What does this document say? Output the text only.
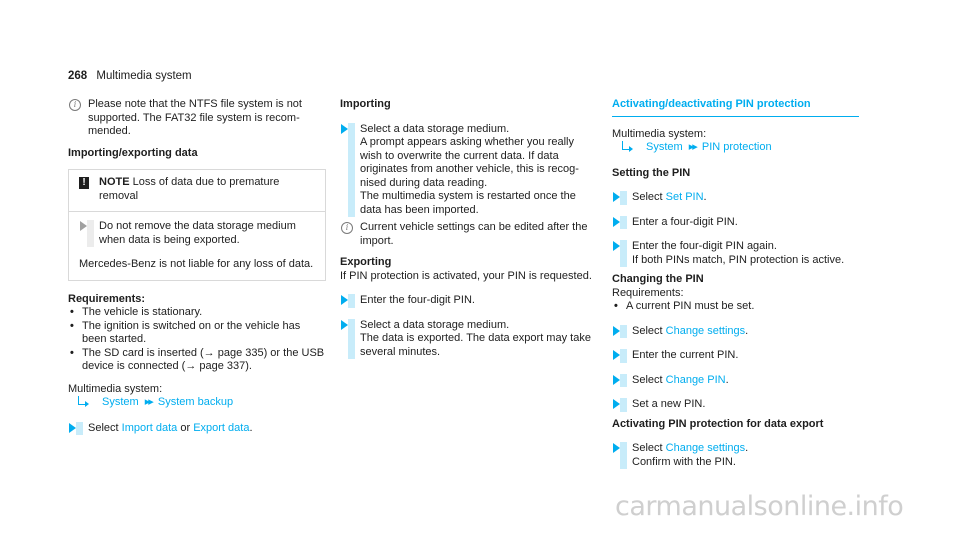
268 Multimedia system
i	Please note that the NTFS file system is not supported. The FAT32 file system is recommended.

Importing/exporting data

!	NOTE Loss of data due to premature removal

Do not remove the data storage medium when data is being exported.

Mercedes-Benz is not liable for any loss of data.

Requirements:

• The vehicle is stationary.
• The ignition is switched on or the vehicle has been started.
• The SD card is inserted (→ page 335) or the USB device is connected (→ page 337).

Multimedia system:

System ▸▸ System backup

Select Import data or Export data.

Importing

Select a data storage medium.

A prompt appears asking whether you really wish to overwrite the current data. If data originates from another vehicle, this is recognised during data reading.

The multimedia system is restarted once the data has been imported.

i	Current vehicle settings can be edited after the import.

Exporting

If PIN protection is activated, your PIN is requested.

Enter the four-digit PIN.

Select a data storage medium.

The data is exported. The data export may take several minutes.

Activating/deactivating PIN protection

Multimedia system:

System ▸▸ PIN protection

Setting the PIN

Select Set PIN.

Enter a four-digit PIN.

Enter the four-digit PIN again.

If both PINs match, PIN protection is active.

Changing the PIN

Requirements:

• A current PIN must be set.

Select Change settings.

Enter the current PIN.

Select Change PIN.

Set a new PIN.

Activating PIN protection for data export

Select Change settings.

Confirm with the PIN.

carmanualsonline.info
